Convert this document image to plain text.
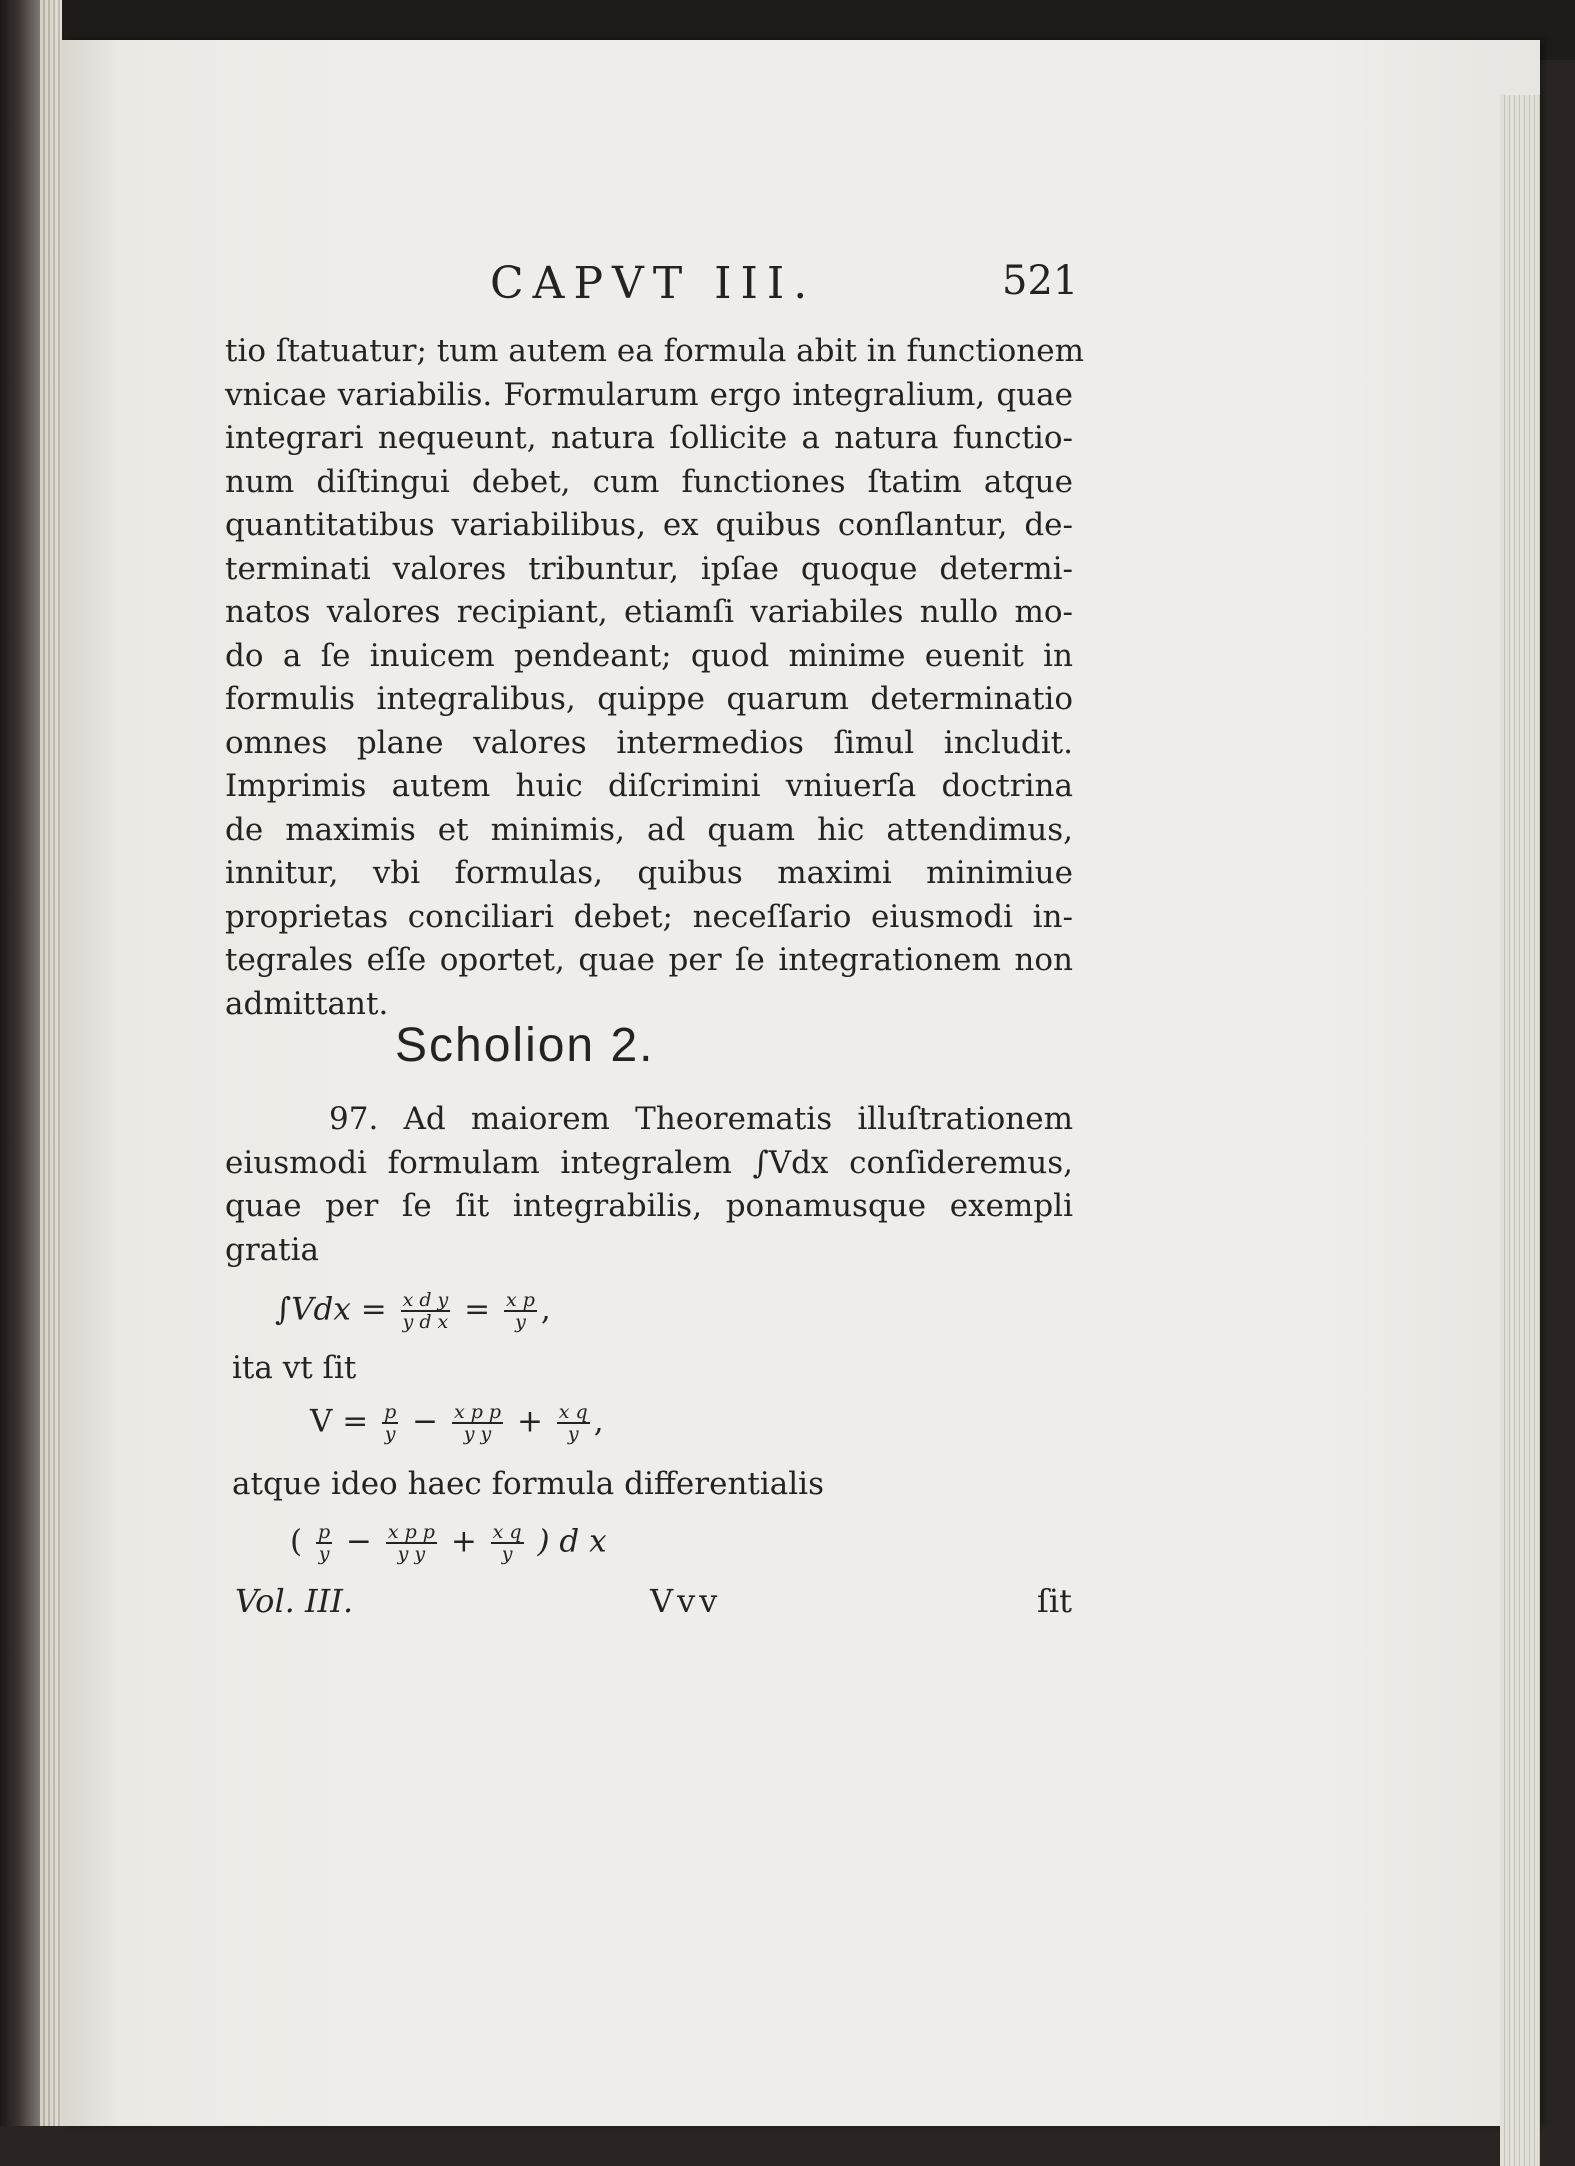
CAPVT III.	521
tio ſtatuatur; tum autem ea formula abit in functionem
vnicae variabilis. Formularum ergo integralium, quae
integrari nequeunt, natura ſollicite a natura functio-
num diſtingui debet, cum functiones ſtatim atque
quantitatibus variabilibus, ex quibus conſlantur, de-
terminati valores tribuntur, ipſae quoque determi-
natos valores recipiant, etiamſi variabiles nullo mo-
do a ſe inuicem pendeant; quod minime euenit in
formulis integralibus, quippe quarum determinatio
omnes plane valores intermedios ſimul includit.
Imprimis autem huic diſcrimini vniuerſa doctrina
de maximis et minimis, ad quam hic attendimus,
innitur, vbi formulas, quibus maximi minimiue
proprietas conciliari debet; neceſſario eiusmodi in-
tegrales eſſe oportet, quae per ſe integrationem non
admittant.
Scholion 2.
97. Ad maiorem Theorematis illuſtrationem
eiusmodi formulam integralem ∫Vdx conſideremus,
quae per ſe ſit integrabilis, ponamusque exempli
gratia
$\int Vdx = \frac{\text{x d y}}{\text{y d x}} = \frac{\text{x p}}{y}$ ,
ita vt ſit
$V = \frac{p}{y} - \frac{\text{x p p}}{\text{y y}} + \frac{\text{x q}}{y}$ ,
atque ideo haec formula differentialis
( $\frac{p}{y} - \frac{\text{x p p}}{\text{y y}} + \frac{\text{x q}}{y}$ ) d x
Vol. III.	Vvv	ſit
